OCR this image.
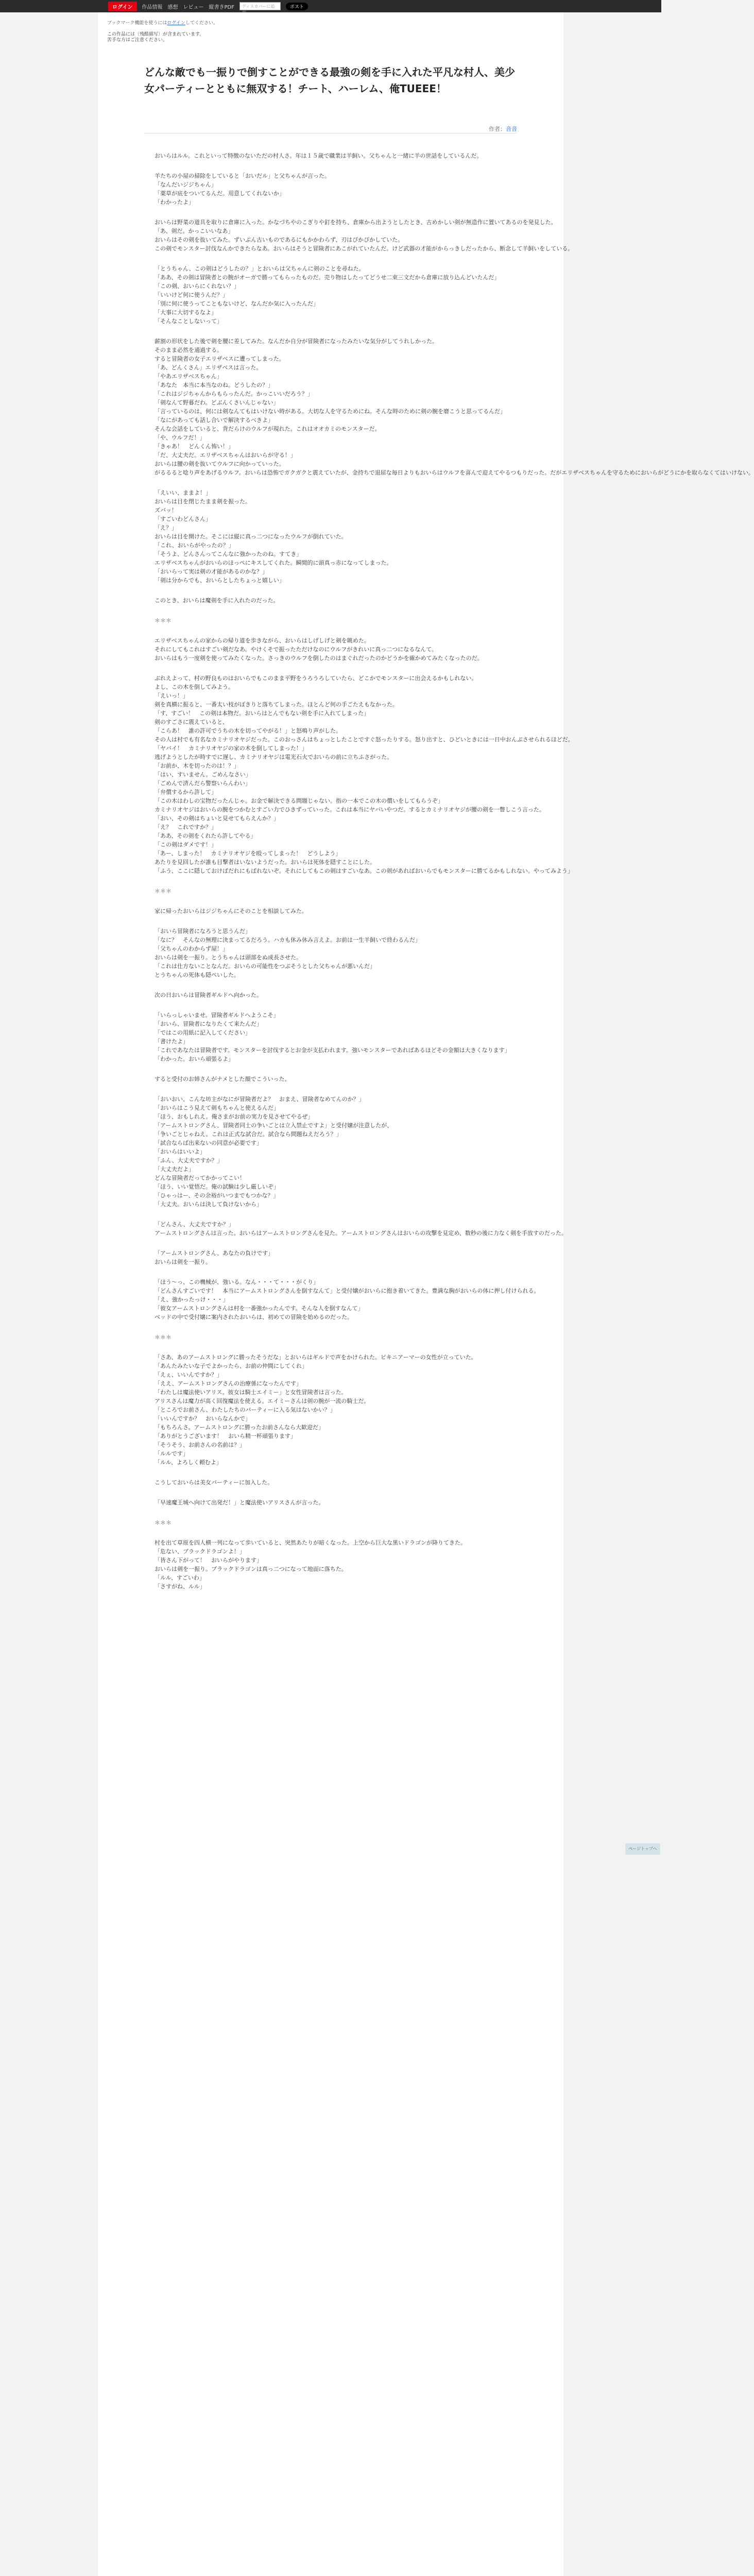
ログイン	作品情報 感想 レビュー 縦書きPDF	ディスカバーに追	ポスト
ブックマーク機能を使うにはログインしてください。
この作品には〔残酷描写〕が含まれています。
苦手な方はご注意ください。
どんな敵でも一振りで倒すことができる最強の剣を手に入れた平凡な村人、美少女パーティーとともに無双する！チート、ハーレム、俺TUEEE！
作者：音音
おいらはルル。これといって特徴のないただの村人さ。年は１５歳で職業は羊飼い。父ちゃんと一緒に羊の世話をしているんだ。
羊たちの小屋の掃除をしていると「おいだル」と父ちゃんが言った。
「なんだいジジちゃん」
「薬草が底をついてるんだ。用意してくれないか」
「わかったよ」
おいらは野菜の道具を取りに倉庫に入った。かなづちやのこぎりや釘を持ち、倉庫から出ようとしたとき、古めかしい剣が無造作に置いてあるのを発見した。
「あ、剣だ。かっこいいなあ」
おいらはその剣を抜いてみた。ずいぶん古いものであるにもかかわらず、刃はぴかぴかしていた。
この剣でモンスター討伐なんかできたらなあ。おいらはそうと冒険者にあこがれていたんだ。けど武器の才能がからっきしだったから、断念して羊飼いをしている。
「とうちゃん、この剣はどうしたの？」とおいらは父ちゃんに剣のことを尋ねた。
「ああ、その剣は冒険者との腕がオーガで勝ってもらったものだ。売り物はしたってどうせ二束三文だから倉庫に放り込んどいたんだ」
「この剣、おいらにくれない？」
「いいけど何に使うんだ？」
「別に何に使うってこともないけど、なんだか気に入ったんだ」
「大事に大切するなよ」
「そんなことしないって」
薪割の形状をした後で剣を腰に差してみた。なんだか自分が冒険者になったみたいな気分がしてうれしかった。
そのまま必然を通過する。
すると冒険者の女子エリザベスに遭ってしまった。
「あ、どんくさん」エリザベスは言った。
「やあエリザベスちゃん」
「あなた　本当に本当なのね。どうしたの？」
「これはジジちゃんからもらったんだ。かっこいいだろう？」
「剣なんて野暮だわ。どぶんくさいんじゃない」
「言っているのは、何には剣なんてもはいけない時がある。大切な人を守るためにね。そんな時のために剣の腕を磨こうと思ってるんだ」
「なにがあっても話し合いで解決するべきよ」
そんな会話をしていると、背だらけのウルフが現れた。これはオオカミのモンスターだ。
「や、ウルフだ！」
「きゃあ！　どんくん怖い！」
「だ、大丈夫だ。エリザベスちゃんはおいらが守る！」
おいらは腰の剣を抜いてウルフに向かっていった。
がるるると唸り声をあげるウルフ。おいらは恐怖でガクガクと震えていたが、金持ちで退屈な毎日よりもおいらはウルフを喜んで迎えてやるつもりだった。だがエリザベスちゃんを守るためにおいらがどうにかを取らなくてはいけない。
「えいい、ままよ！」
おいらは目を閉じたまま剣を振った。
ズバッ！
「すごいわどんさん」
「え？」
おいらは目を開けた。そこには縦に真っ二つになったウルフが倒れていた。
「これ、おいらがやったの？」
「そうよ、どんさんってこんなに強かったのね。すてき」
エリザベスちゃんがおいらのほっぺにキスしてくれた。瞬間的に頭真っ赤になってしまった。
「おいらって実は剣の才能があるのかな？」
「剣は分からでも、おいらとしたちょっと嬉しい」
このとき、おいらは魔剣を手に入れたのだった。
＊＊＊
エリザベスちゃんの家からの帰り道を歩きながら、おいらはしげしげと剣を眺めた。
それにしてもこれはすごい剣だなあ。やけくそで振ったただけなのにウルフがきれいに真っ二つになるなんて。
おいらはもう一度剣を使ってみたくなった。さっきのウルフを倒したのはまぐれだったのかどうかを確かめてみたくなったのだ。
ぶれえよって、村の野良ものはおいらでもこのまま平野をうろうろしていたら、どこかでモンスターに出会えるかもしれない。
よし、この木を倒してみよう。
「えいっ！」
剣を真横に振ると、一番太い枝がぽきりと落ちてしまった。ほとんど何の手ごたえもなかった。
「す、すごい！　この剣は本物だ。おいらはとんでもない剣を手に入れてしまった」
剣のすごさに震えていると、
「こらあ！　誰の許可でうちの木を切ってやがる！」と怒鳴り声がした。
その人は村でも有名なカミナリオヤジだった。このおっさんはちょっとしたことですぐ怒ったりする。怒り出すと、ひどいときには一日中おんぶさせられるほどだ。
「ヤバイ！　カミナリオヤジの家の木を倒してしまった！」
逃げようとしたが時すでに遅し、カミナリオヤジは電光石火でおいらの前に立ちふさがった。
「お前か、木を切ったのは！？」
「はい、すいません。ごめんなさい」
「ごめんで済んだら警察いらんわい」
「弁償するから許して」
「この木はわしの宝物だったんじゃ。お金で解決できる問題じゃない。指の一本でこの木の償いをしてもらうぞ」
カミナリオヤジはおいらの腕をつかむとすごい力でひきずっていった。これは本当にヤバいやつだ。するとカミナリオヤジが腰の剣を一瞥しこう言った。
「おい、その剣はちょいと見せてもらえんか？」
「え？　これですか？」
「ああ、その剣をくれたら許してやる」
「この剣はダメです！」
「あー、しまった！　カミナリオヤジを殴ってしまった！　どうしよう」
あたりを見回したが誰も目撃者はいないようだった。おいらは死体を隠すことにした。
「ふう、ここに隠しておけばだれにもばれないぞ。それにしてもこの剣はすごいなあ。この剣があればおいらでもモンスターに勝てるかもしれない。やってみよう」
＊＊＊
家に帰ったおいらはジジちゃんにそのことを相談してみた。
「おいら冒険者になろうと思うんだ」
「なに？　そんなの無理に決まってるだろう。ハカも休み休み言えよ。お前は一生羊飼いで終わるんだ」
「父ちゃんのわからず屋！」
おいらは剣を一振り。とうちゃんは頭部をぬ成長させた。
「これは仕方ないことなんだ。おいらの可能性をつぶそうとした父ちゃんが悪いんだ」
とうちゃんの死体も隠ぺいした。
次の日おいらは冒険者ギルドへ向かった。
「いらっしゃいませ。冒険者ギルドへようこそ」
「おいら、冒険者になりたくて来たんだ」
「ではこの用紙に記入してください」
「書けたよ」
「これであなたは冒険者です。モンスターを討伐するとお金が支払われます。強いモンスターであればあるほどその金額は大きくなります」
「わかった。おいら頑張るよ」
すると受付のお姉さんがナメとした顔でこういった。
「おいおい、こんな坊主がなにが冒険者だよ？　おまえ、冒険者なめてんのか？」
「おいらはこう見えて剣もちゃんと使えるんだ」
「ほう、おもしれえ。俺さまがお前の実力を見させてやるぜ」
「アームストロングさん、冒険者同士の争いごとは立入禁止ですよ」と受付嬢が注意したが、
「争いごとじゃねえ。これは正式な試合だ。試合なら問題ねえだろう？」
「試合ならば出来ないの同意が必要です」
「おいらはいいよ」
「ふん、大丈夫ですか？」
「大丈夫だよ」
どんな冒険者だってかかってこい！
「ほう、いい覚悟だ。俺の試験は少し厳しいぞ」
「ひゃっはー、その余裕がいつまでもつかな？」
「大丈夫。おいらは決して負けないから」
「どんさん、大丈夫ですか？」
アームストロングさんは言った。おいらはアームストロングさんを見た。アームストロングさんはおいらの攻撃を見定め、数秒の後に力なく剣を手放すのだった。
「アームストロングさん、あなたの負けです」
おいらは剣を一振り。
「ほう〜っ、この機械が、強いる。なん・・・て・・・がくり」
「どんさんすごいです！　本当にアームストロングさんを倒すなんて」と受付嬢がおいらに抱き着いてきた。豊満な胸がおいらの体に押し付けられる。
「え、強かったっけ・・・」
「彼女アームストロングさんは村を一番強かったんです。そんな人を倒すなんて」
ベッドの中で受付嬢に案内されたおいらは、初めての冒険を始めるのだった。
＊＊＊
「さあ、あのアームストロングに勝ったそうだな」とおいらはギルドで声をかけられた。ビキニアーマーの女性が立っていた。
「あんたみたいな子でよかったら、お前の仲間にしてくれ」
「えぇ、いいんですか？」
「ええ、アームストロングさんの治療係になったんです」
「わたしは魔法使いアリス。彼女は騎士エイミー」と女性冒険者は言った。
アリスさんは魔力が高く回復魔法を使える。エイミーさんは剣の腕が一流の騎士だ。
「ところでお前さん、わたしたちのパーティーに入る気はないかい？」
「いいんですか？　おいらなんかで」
「もちろんさ。アームストロングに勝ったお前さんなら大歓迎だ」
「ありがとうございます！　おいら精一杯頑張ります」
「そうそう、お前さんの名前は？」
「ルルです」
「ルル、よろしく頼むよ」
こうしておいらは美女パーティーに加入した。
「早速魔王城へ向けて出発だ！」と魔法使いアリスさんが言った。
＊＊＊
村を出て草原を四人横一列になって歩いていると、突然あたりが暗くなった。上空から巨大な黒いドラゴンが降りてきた。
「危ない、ブラックドラゴンよ！」
「皆さん下がって！　おいらがやります」
おいらは剣を一振り。ブラックドラゴンは真っ二つになって地面に落ちた。
「ルル、すごいわ」
「さすがね、ルル」
ページトップへ
